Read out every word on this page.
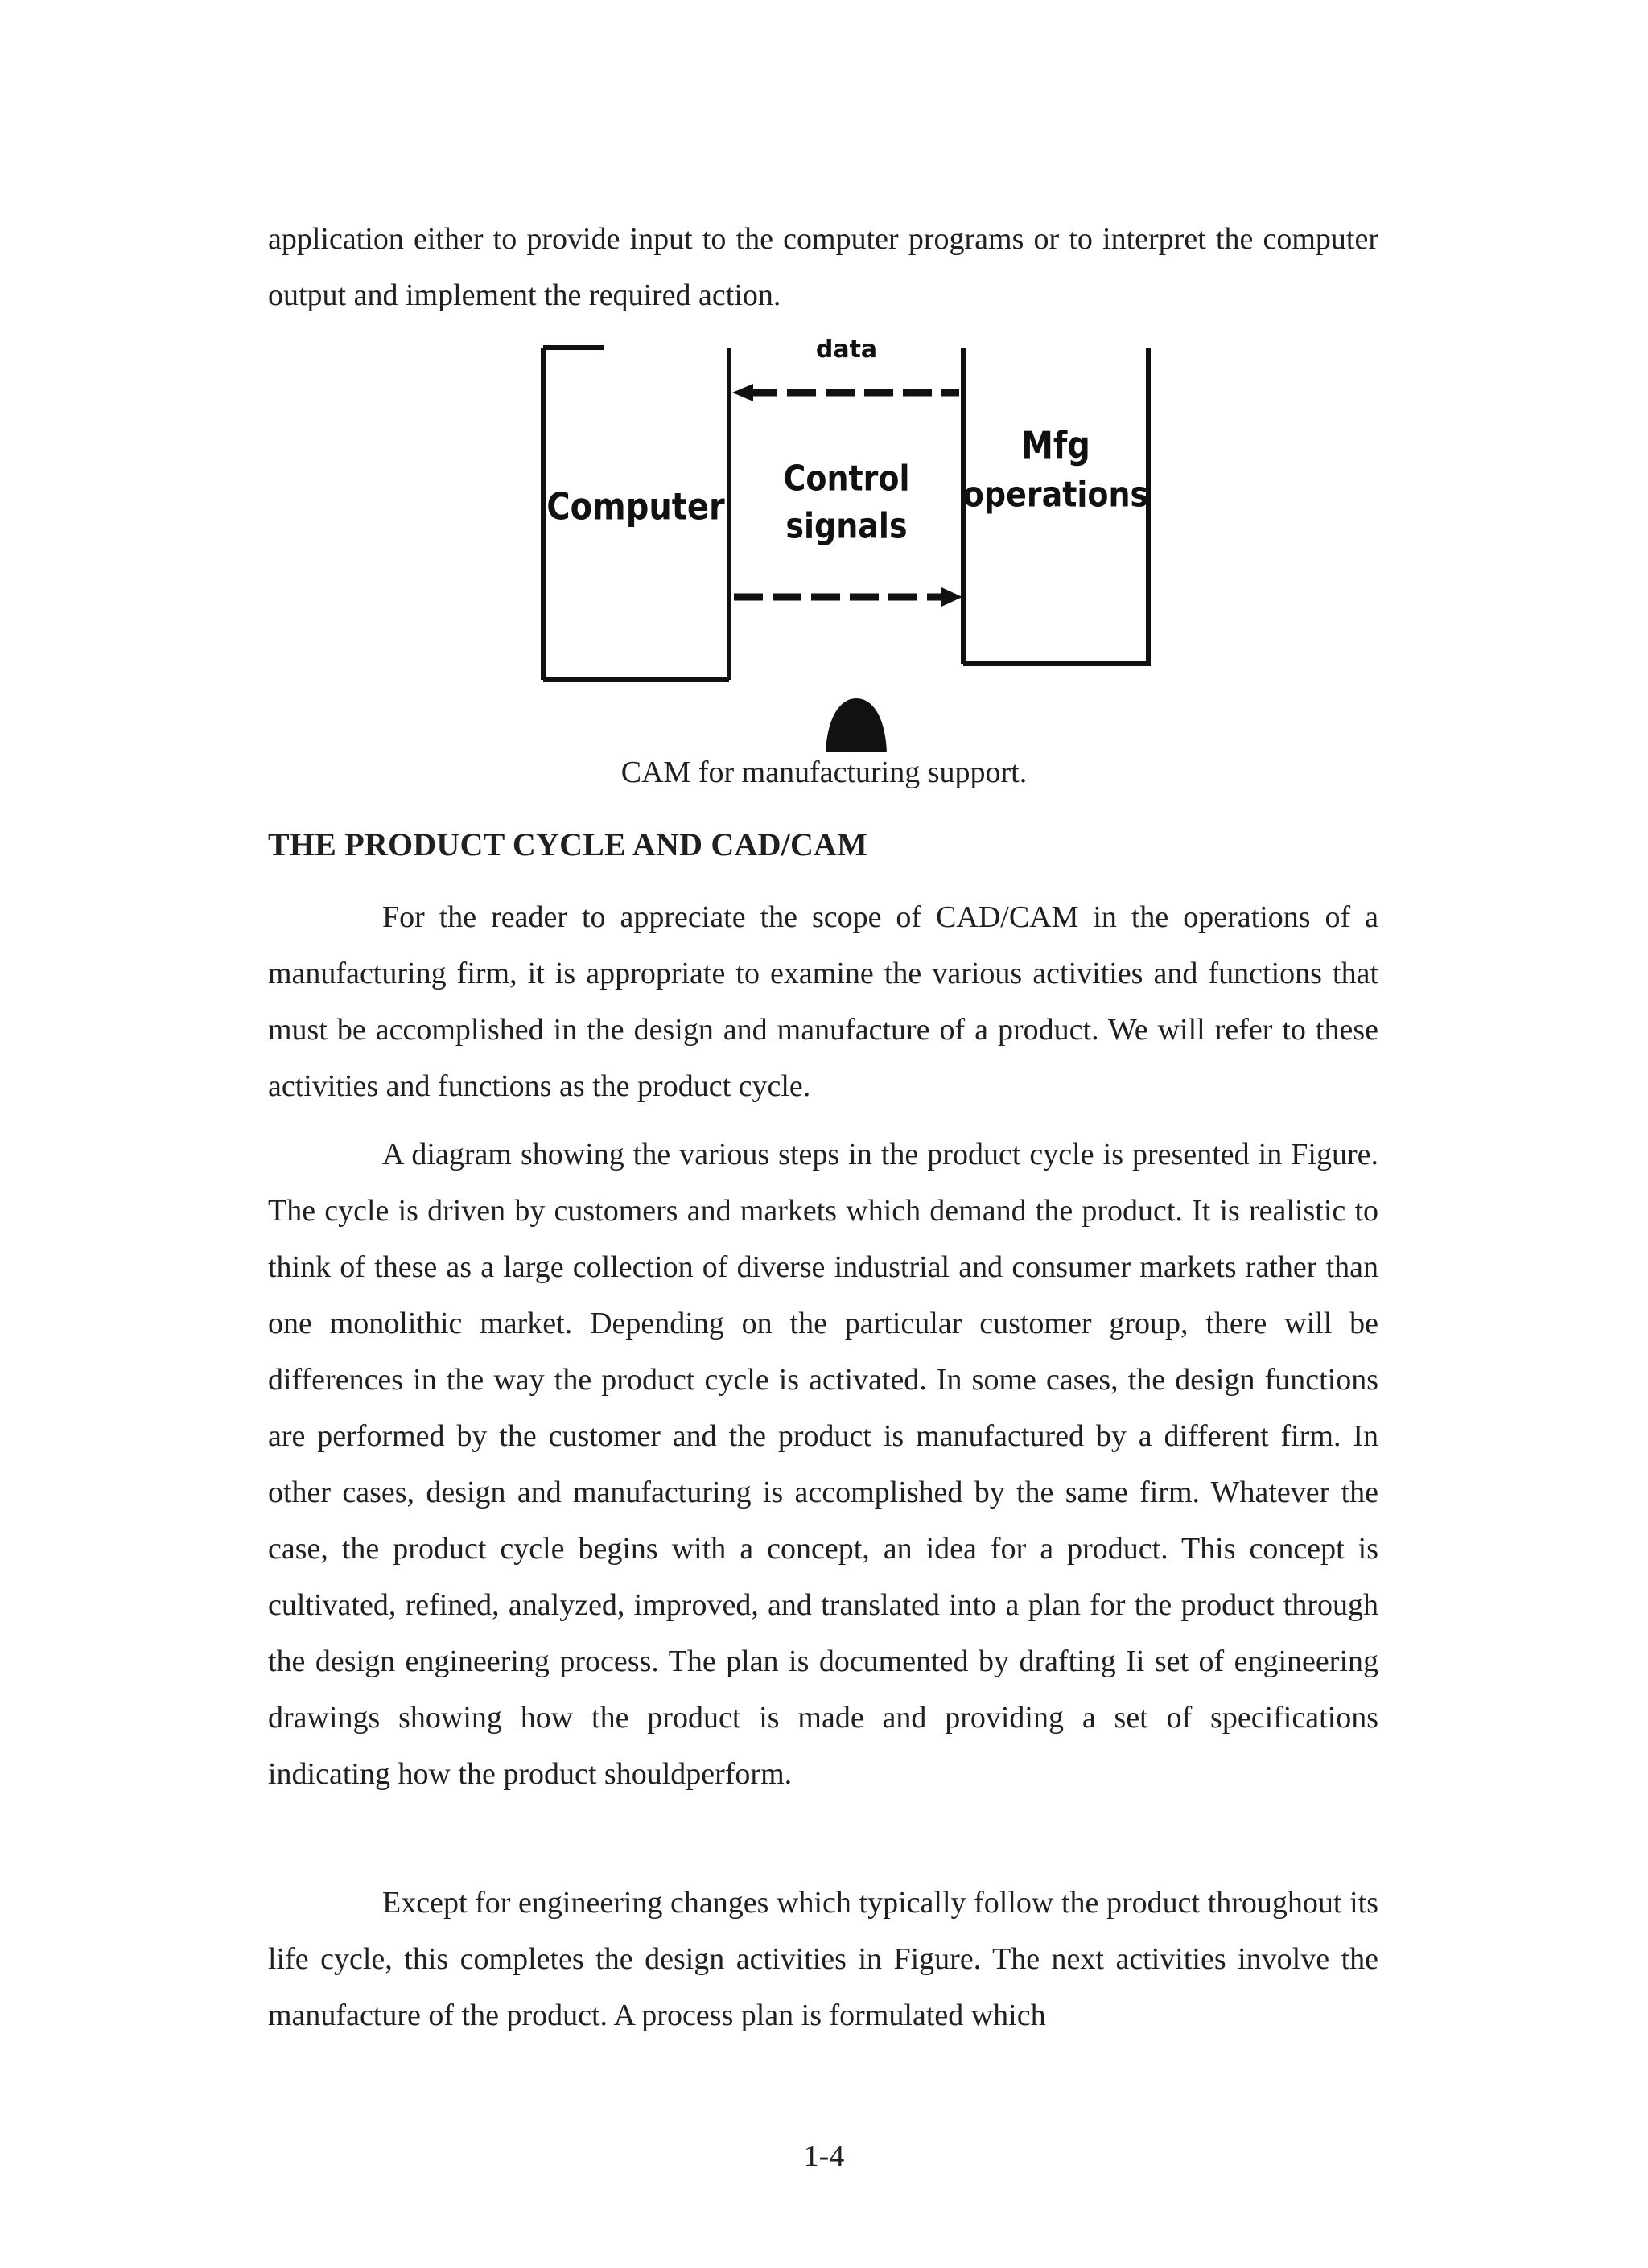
application either to provide input to the computer programs or to interpret the computer output and implement the required action.

data
Computer
Control
signals
Mfg
operations

CAM for manufacturing support.

THE PRODUCT CYCLE AND CAD/CAM

For the reader to appreciate the scope of CAD/CAM in the operations of a manufacturing firm, it is appropriate to examine the various activities and functions that must be accomplished in the design and manufacture of a product. We will refer to these activities and functions as the product cycle.

A diagram showing the various steps in the product cycle is presented in Figure. The cycle is driven by customers and markets which demand the product. It is realistic to think of these as a large collection of diverse industrial and consumer markets rather than one monolithic market. Depending on the particular customer group, there will be differences in the way the product cycle is activated. In some cases, the design functions are performed by the customer and the product is manufactured by a different firm. In other cases, design and manufacturing is accomplished by the same firm. Whatever the case, the product cycle begins with a concept, an idea for a product. This concept is cultivated, refined, analyzed, improved, and translated into a plan for the product through the design engineering process. The plan is documented by drafting Ii set of engineering drawings showing how the product is made and providing a set of specifications indicating how the product shouldperform.

Except for engineering changes which typically follow the product throughout its life cycle, this completes the design activities in Figure. The next activities involve the manufacture of the product. A process plan is formulated which

1-4
